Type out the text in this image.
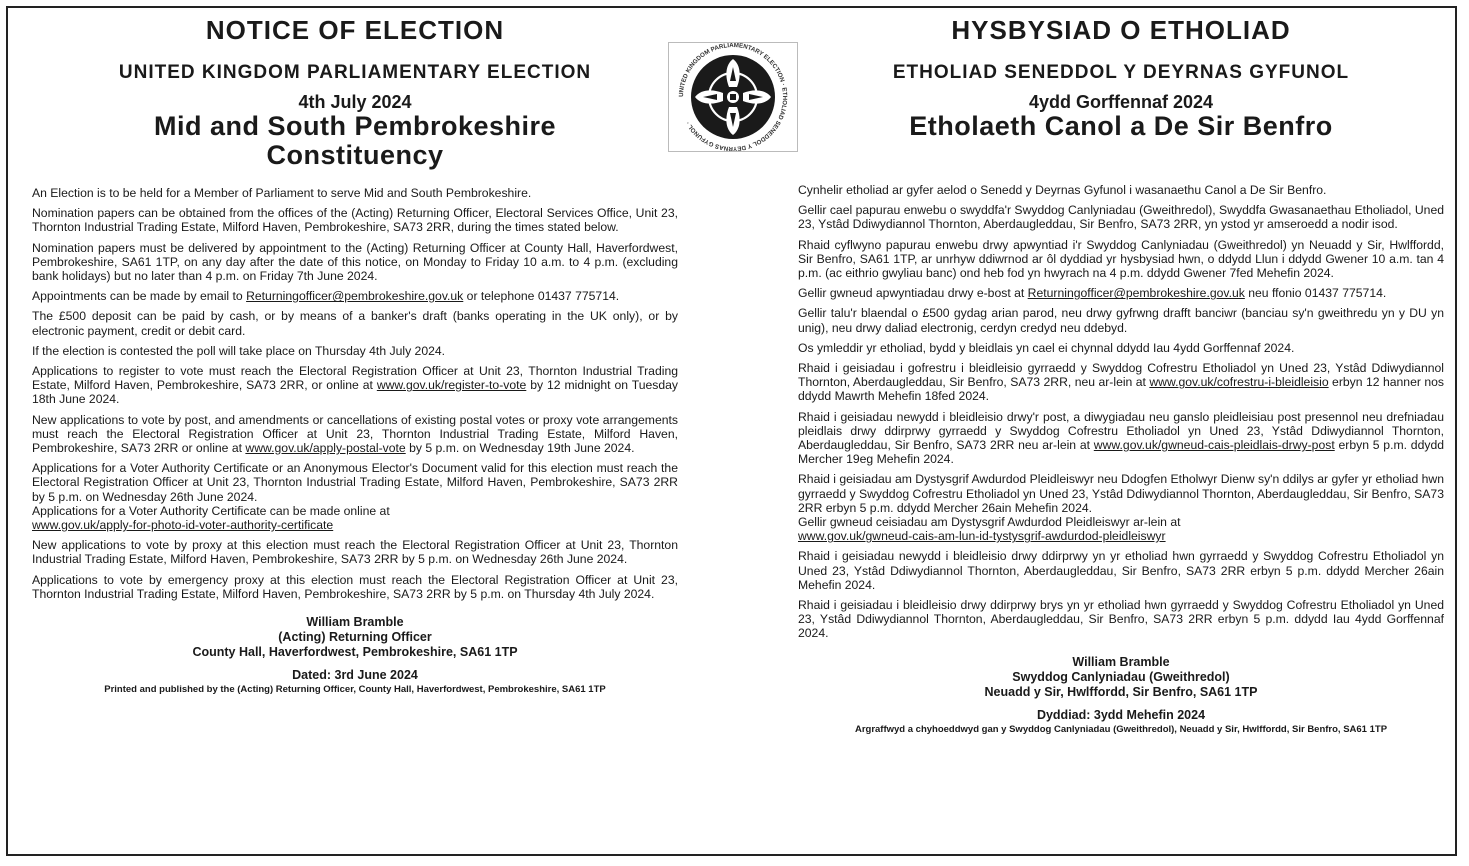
NOTICE OF ELECTION
UNITED KINGDOM PARLIAMENTARY ELECTION
4th July 2024
Mid and South Pembrokeshire
Constituency

An Election is to be held for a Member of Parliament to serve Mid and South Pembrokeshire.

Nomination papers can be obtained from the offices of the (Acting) Returning Officer, Electoral Services Office, Unit 23, Thornton Industrial Trading Estate, Milford Haven, Pembrokeshire, SA73 2RR, during the times stated below.

Nomination papers must be delivered by appointment to the (Acting) Returning Officer at County Hall, Haverfordwest, Pembrokeshire, SA61 1TP, on any day after the date of this notice, on Monday to Friday 10 a.m. to 4 p.m. (excluding bank holidays) but no later than 4 p.m. on Friday 7th June 2024.

Appointments can be made by email to Returningofficer@pembrokeshire.gov.uk or telephone 01437 775714.

The £500 deposit can be paid by cash, or by means of a banker's draft (banks operating in the UK only), or by electronic payment, credit or debit card.

If the election is contested the poll will take place on Thursday 4th July 2024.

Applications to register to vote must reach the Electoral Registration Officer at Unit 23, Thornton Industrial Trading Estate, Milford Haven, Pembrokeshire, SA73 2RR, or online at www.gov.uk/register-to-vote by 12 midnight on Tuesday 18th June 2024.

New applications to vote by post, and amendments or cancellations of existing postal votes or proxy vote arrangements must reach the Electoral Registration Officer at Unit 23, Thornton Industrial Trading Estate, Milford Haven, Pembrokeshire, SA73 2RR or online at www.gov.uk/apply-postal-vote by 5 p.m. on Wednesday 19th June 2024.

Applications for a Voter Authority Certificate or an Anonymous Elector's Document valid for this election must reach the Electoral Registration Officer at Unit 23, Thornton Industrial Trading Estate, Milford Haven, Pembrokeshire, SA73 2RR by 5 p.m. on Wednesday 26th June 2024.
Applications for a Voter Authority Certificate can be made online at
www.gov.uk/apply-for-photo-id-voter-authority-certificate

New applications to vote by proxy at this election must reach the Electoral Registration Officer at Unit 23, Thornton Industrial Trading Estate, Milford Haven, Pembrokeshire, SA73 2RR by 5 p.m. on Wednesday 26th June 2024.

Applications to vote by emergency proxy at this election must reach the Electoral Registration Officer at Unit 23, Thornton Industrial Trading Estate, Milford Haven, Pembrokeshire, SA73 2RR by 5 p.m. on Thursday 4th July 2024.

William Bramble
(Acting) Returning Officer
County Hall, Haverfordwest, Pembrokeshire, SA61 1TP
Dated: 3rd June 2024
Printed and published by the (Acting) Returning Officer, County Hall, Haverfordwest, Pembrokeshire, SA61 1TP
HYSBYSIAD O ETHOLIAD
ETHOLIAD SENEDDOL Y DEYRNAS GYFUNOL
4ydd Gorffennaf 2024
Etholaeth Canol a De Sir Benfro

Cynhelir etholiad ar gyfer aelod o Senedd y Deyrnas Gyfunol i wasanaethu Canol a De Sir Benfro.

Gellir cael papurau enwebu o swyddfa'r Swyddog Canlyniadau (Gweithredol), Swyddfa Gwasanaethau Etholiadol, Uned 23, Ystâd Ddiwydiannol Thornton, Aberdaugleddau, Sir Benfro, SA73 2RR, yn ystod yr amseroedd a nodir isod.

Rhaid cyflwyno papurau enwebu drwy apwyntiad i'r Swyddog Canlyniadau (Gweithredol) yn Neuadd y Sir, Hwlffordd, Sir Benfro, SA61 1TP, ar unrhyw ddiwrnod ar ôl dyddiad yr hysbysiad hwn, o ddydd Llun i ddydd Gwener 10 a.m. tan 4 p.m. (ac eithrio gwyliau banc) ond heb fod yn hwyrach na 4 p.m. ddydd Gwener 7fed Mehefin 2024.

Gellir gwneud apwyntiadau drwy e-bost at Returningofficer@pembrokeshire.gov.uk neu ffonio 01437 775714.

Gellir talu'r blaendal o £500 gydag arian parod, neu drwy gyfrwng drafft banciwr (banciau sy'n gweithredu yn y DU yn unig), neu drwy daliad electronig, cerdyn credyd neu ddebyd.

Os ymleddir yr etholiad, bydd y bleidlais yn cael ei chynnal ddydd Iau 4ydd Gorffennaf 2024.

Rhaid i geisiadau i gofrestru i bleidleisio gyrraedd y Swyddog Cofrestru Etholiadol yn Uned 23, Ystâd Ddiwydiannol Thornton, Aberdaugleddau, Sir Benfro, SA73 2RR, neu ar-lein at www.gov.uk/cofrestru-i-bleidleisio erbyn 12 hanner nos ddydd Mawrth Mehefin 18fed 2024.

Rhaid i geisiadau newydd i bleidleisio drwy'r post, a diwygiadau neu ganslo pleidleisiau post presennol neu drefniadau pleidlais drwy ddirprwy gyrraedd y Swyddog Cofrestru Etholiadol yn Uned 23, Ystâd Ddiwydiannol Thornton, Aberdaugleddau, Sir Benfro, SA73 2RR neu ar-lein at www.gov.uk/gwneud-cais-pleidlais-drwy-post erbyn 5 p.m. ddydd Mercher 19eg Mehefin 2024.

Rhaid i geisiadau am Dystysgrif Awdurdod Pleidleiswyr neu Ddogfen Etholwyr Dienw sy'n ddilys ar gyfer yr etholiad hwn gyrraedd y Swyddog Cofrestru Etholiadol yn Uned 23, Ystâd Ddiwydiannol Thornton, Aberdaugleddau, Sir Benfro, SA73 2RR erbyn 5 p.m. ddydd Mercher 26ain Mehefin 2024.
Gellir gwneud ceisiadau am Dystysgrif Awdurdod Pleidleiswyr ar-lein at
www.gov.uk/gwneud-cais-am-lun-id-tystysgrif-awdurdod-pleidleiswyr

Rhaid i geisiadau newydd i bleidleisio drwy ddirprwy yn yr etholiad hwn gyrraedd y Swyddog Cofrestru Etholiadol yn Uned 23, Ystâd Ddiwydiannol Thornton, Aberdaugleddau, Sir Benfro, SA73 2RR erbyn 5 p.m. ddydd Mercher 26ain Mehefin 2024.

Rhaid i geisiadau i bleidleisio drwy ddirprwy brys yn yr etholiad hwn gyrraedd y Swyddog Cofrestru Etholiadol yn Uned 23, Ystâd Ddiwydiannol Thornton, Aberdaugleddau, Sir Benfro, SA73 2RR erbyn 5 p.m. ddydd Iau 4ydd Gorffennaf 2024.

William Bramble
Swyddog Canlyniadau (Gweithredol)
Neuadd y Sir, Hwlffordd, Sir Benfro, SA61 1TP
Dyddiad: 3ydd Mehefin 2024
Argraffwyd a chyhoeddwyd gan y Swyddog Canlyniadau (Gweithredol), Neuadd y Sir, Hwlffordd, Sir Benfro, SA61 1TP
UNITED KINGDOM PARLIAMENTARY ELECTION · ETHOLIAD SENEDDOL Y DEYRNAS GYFUNOL ·
